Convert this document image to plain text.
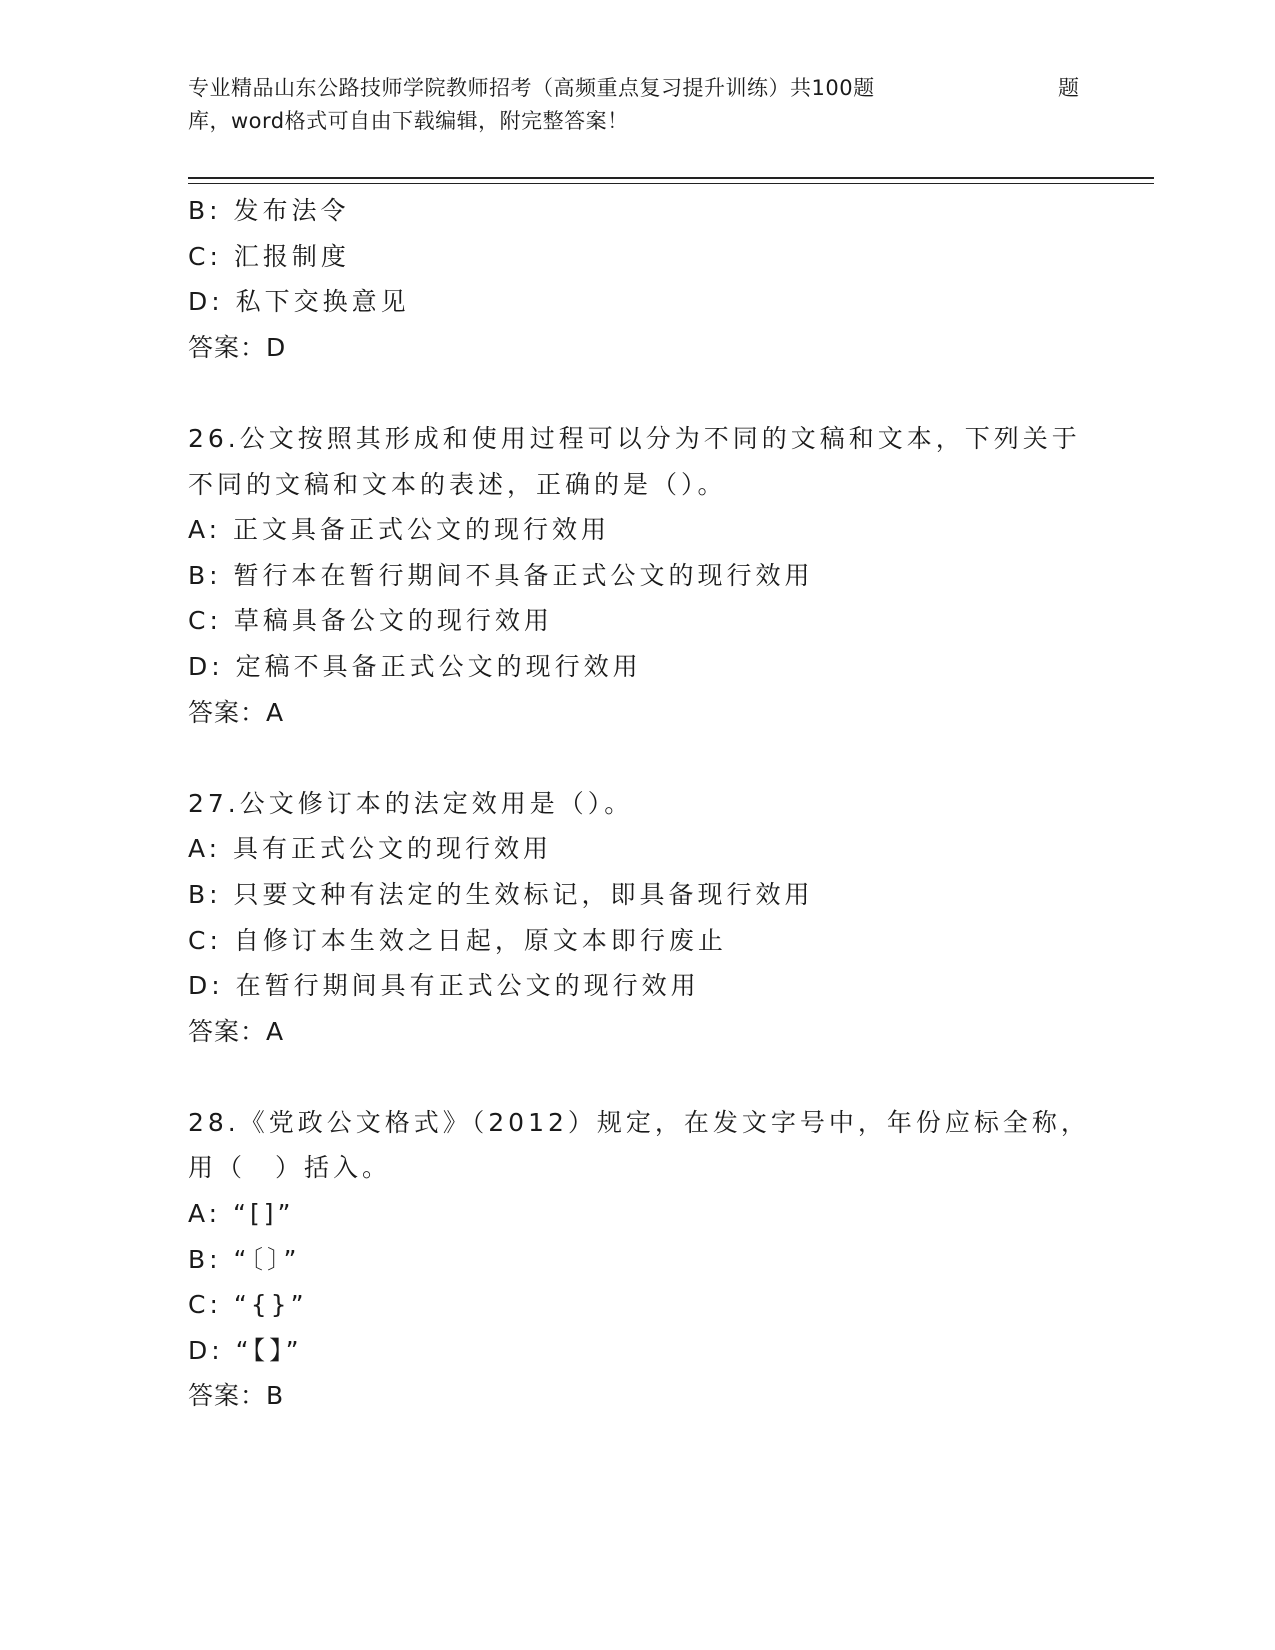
专业精品山东公路技师学院教师招考（高频重点复习提升训练）共100题	题
库，word格式可自由下载编辑，附完整答案！
B: 发布法令
C: 汇报制度
D: 私下交换意见
答案：D
26.公文按照其形成和使用过程可以分为不同的文稿和文本，下列关于
不同的文稿和文本的表述，正确的是（）。
A: 正文具备正式公文的现行效用
B: 暂行本在暂行期间不具备正式公文的现行效用
C: 草稿具备公文的现行效用
D: 定稿不具备正式公文的现行效用
答案：A
27.公文修订本的法定效用是（）。
A: 具有正式公文的现行效用
B: 只要文种有法定的生效标记，即具备现行效用
C: 自修订本生效之日起，原文本即行废止
D: 在暂行期间具有正式公文的现行效用
答案：A
28.《党政公文格式》（2012）规定，在发文字号中，年份应标全称，
用（　）括入。
A: “[]”
B: “〔〕”
C: “{}”
D: “【】”
答案：B
